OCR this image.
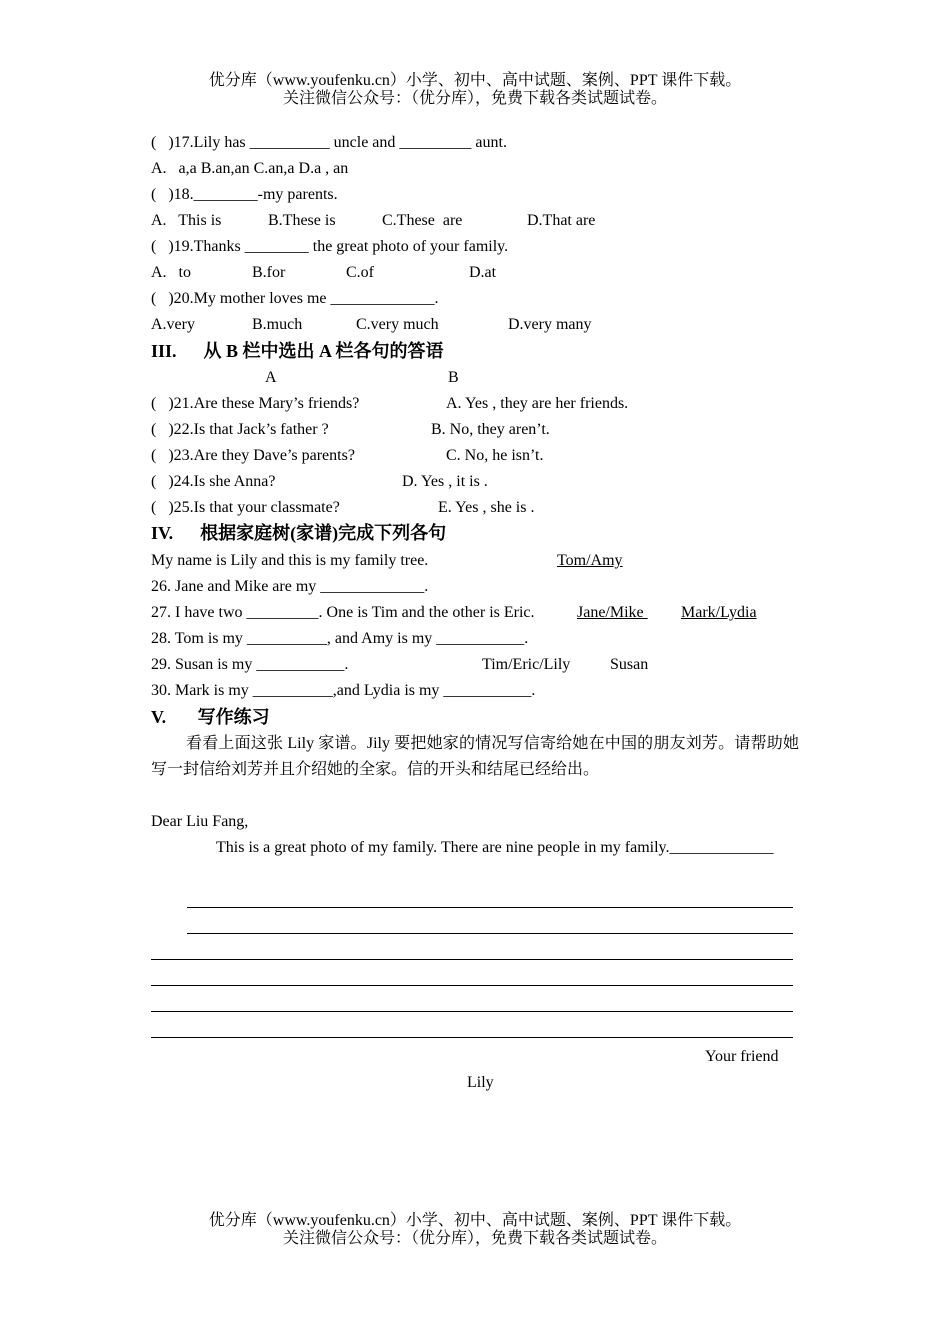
优分库（www.youfenku.cn）小学、初中、高中试题、案例、PPT 课件下载。
关注微信公众号：（优分库），免费下载各类试题试卷。
(   )17.Lily has __________ uncle and _________ aunt.
A.   a,a B.an,an C.an,a D.a , an
(   )18.________-my parents.
A.   This is	B.These is	C.These  are	D.That are
(   )19.Thanks ________ the great photo of your family.
A.   to	B.for	C.of	D.at
(   )20.My mother loves me _____________.
A.very	B.much	C.very much	D.very many
III.      从 B 栏中选出 A 栏各句的答语
A	B
(   )21.Are these Mary’s friends?	A. Yes , they are her friends.
(   )22.Is that Jack’s father ?	B. No, they aren’t.
(   )23.Are they Dave’s parents?	C. No, he isn’t.
(   )24.Is she Anna?	D. Yes , it is .
(   )25.Is that your classmate?	E. Yes , she is .
IV.      根据家庭树(家谱)完成下列各句
My name is Lily and this is my family tree.	Tom/Amy
26. Jane and Mike are my _____________.
27. I have two _________. One is Tim and the other is Eric.	Jane/Mike Mark/Lydia
28. Tom is my __________, and Amy is my ___________.
29. Susan is my ___________.	Tim/Eric/Lily Susan
30. Mark is my __________,and Lydia is my ___________.
V.       写作练习
看看上面这张 Lily 家谱。Jily 要把她家的情况写信寄给她在中国的朋友刘芳。请帮助她写一封信给刘芳并且介绍她的全家。信的开头和结尾已经给出。
Dear Liu Fang,
This is a great photo of my family. There are nine people in my family._____________
Your friend
Lily
优分库（www.youfenku.cn）小学、初中、高中试题、案例、PPT 课件下载。
关注微信公众号：（优分库），免费下载各类试题试卷。
